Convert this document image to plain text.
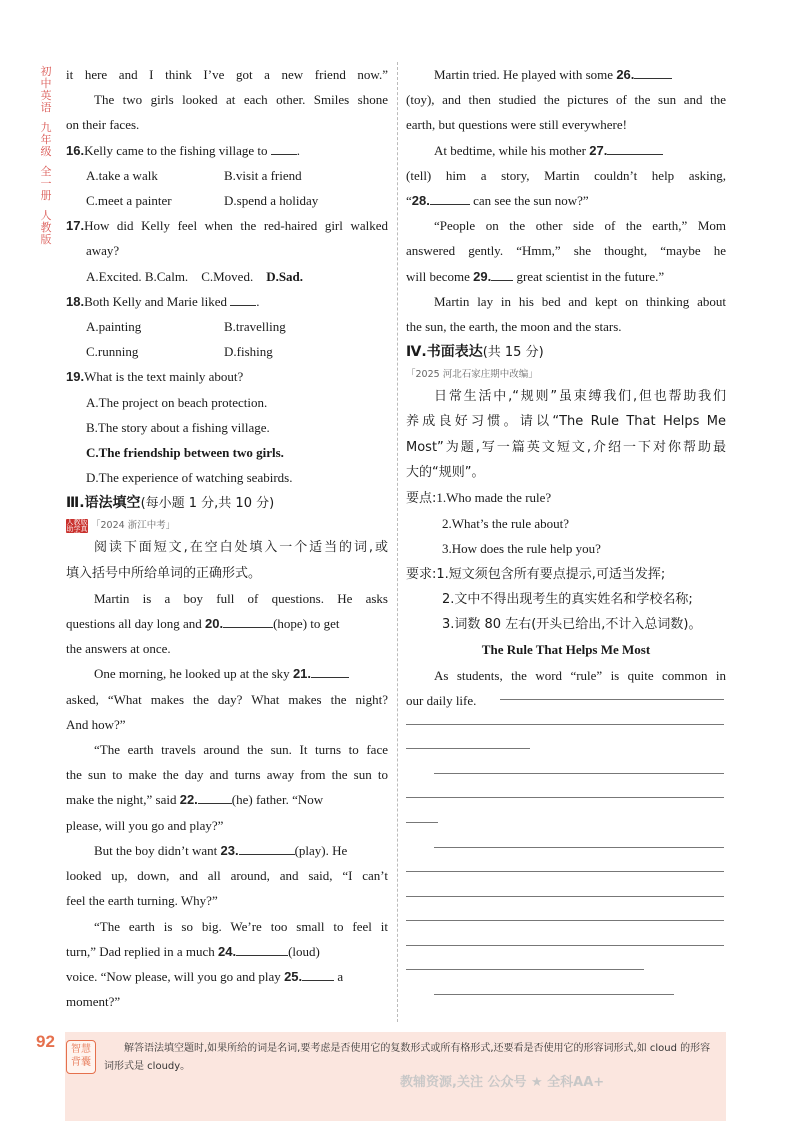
初
中
英
语
九
年
级
全
一
册
人
教
版
it here and I think I’ve got a new friend now.”
The two girls looked at each other. Smiles shone
on their faces.
16.Kelly came to the fishing village to .
A.take a walk	B.visit a friend
C.meet a painter	D.spend a holiday
17.How did Kelly feel when the red-haired girl walked
away?
A.Excited. B.Calm. C.Moved. D.Sad.
18.Both Kelly and Marie liked .
A.painting	B.travelling
C.running	D.fishing
19.What is the text mainly about?
A.The project on beach protection.
B.The story about a fishing village.
C.The friendship between two girls.
D.The experience of watching seabirds.
Ⅲ.语法填空(每小题 1 分,共 10 分)
人教版 助学真题
「2024 浙江中考」
阅读下面短文,在空白处填入一个适当的词,或
填入括号中所给单词的正确形式。
Martin is a boy full of questions. He asks
questions all day long and 20.	(hope) to get
the answers at once.
One morning, he looked up at the sky 21.
asked, “What makes the day? What makes the night?
And how?”
“The earth travels around the sun. It turns to face
the sun to make the day and turns away from the sun to
make the night,” said 22.	(he) father. “Now
please, will you go and play?”
But the boy didn’t want 23.	(play). He
looked up, down, and all around, and said, “I can’t
feel the earth turning. Why?”
“The earth is so big. We’re too small to feel it
turn,” Dad replied in a much 24.	(loud)
voice. “Now please, will you go and play 25.	a
moment?”
Martin tried. He played with some 26.
(toy), and then studied the pictures of the sun and the
earth, but questions were still everywhere!
At bedtime, while his mother 27.
(tell) him a story, Martin couldn’t help asking,
“28.	can see the sun now?”
“People on the other side of the earth,” Mom
answered gently. “Hmm,” she thought, “maybe he
will become 29. great scientist in the future.”
Martin lay in his bed and kept on thinking about
the sun, the earth, the moon and the stars.
Ⅳ.书面表达(共 15 分)
「2025 河北石家庄期中改编」
日常生活中,“规则”虽束缚我们,但也帮助我们
养成良好习惯。请以“The Rule That Helps Me
Most”为题,写一篇英文短文,介绍一下对你帮助最
大的“规则”。
要点:1.Who made the rule?
2.What’s the rule about?
3.How does the rule help you?
要求:1.短文须包含所有要点提示,可适当发挥;
2.文中不得出现考生的真实姓名和学校名称;
3.词数 80 左右(开头已给出,不计入总词数)。
The Rule That Helps Me Most
As students, the word “rule” is quite common in
our daily life.
92	智慧
背囊
解答语法填空题时,如果所给的词是名词,要考虑是否使用它的复数形式或所有格形式,还要看是否使用它的形容词形式,如 cloud 的形容词形式是 cloudy。
教辅资源,关注 公众号 ★ 全科AA+
